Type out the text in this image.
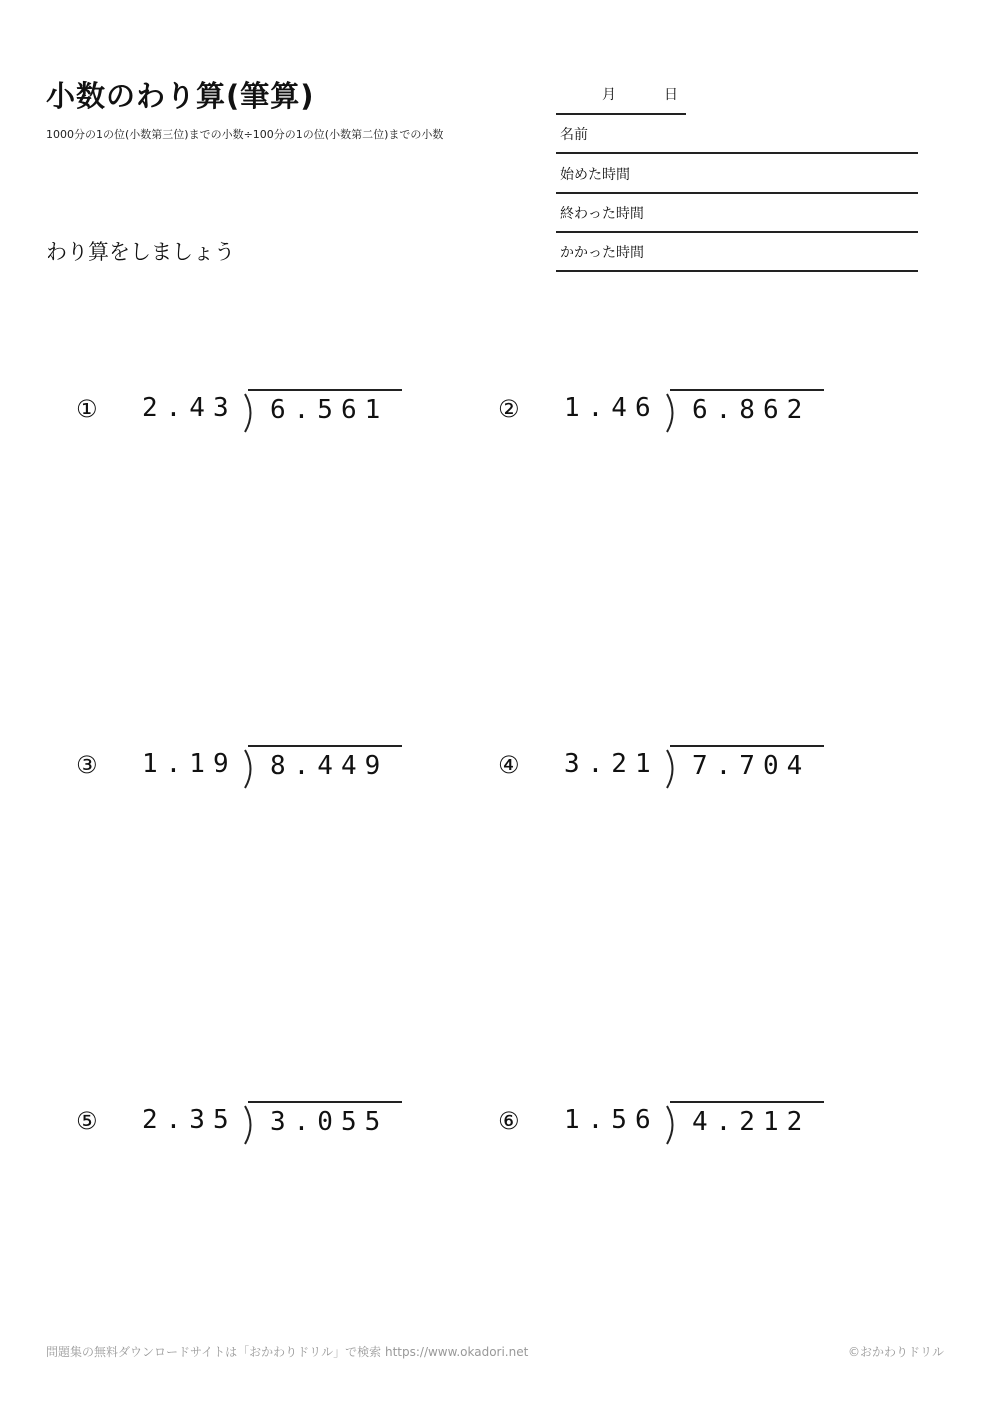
小数のわり算(筆算)
1000分の1の位(小数第三位)までの小数÷100分の1の位(小数第二位)までの小数
わり算をしましょう
月	日
名前
始めた時間
終わった時間
かかった時間
① 2.43 6.561	② 1.46 6.862
③ 1.19 8.449	④ 3.21 7.704
⑤ 2.35 3.055	⑥ 1.56 4.212
問題集の無料ダウンロードサイトは「おかわりドリル」で検索 https://www.okadori.net	©おかわりドリル
